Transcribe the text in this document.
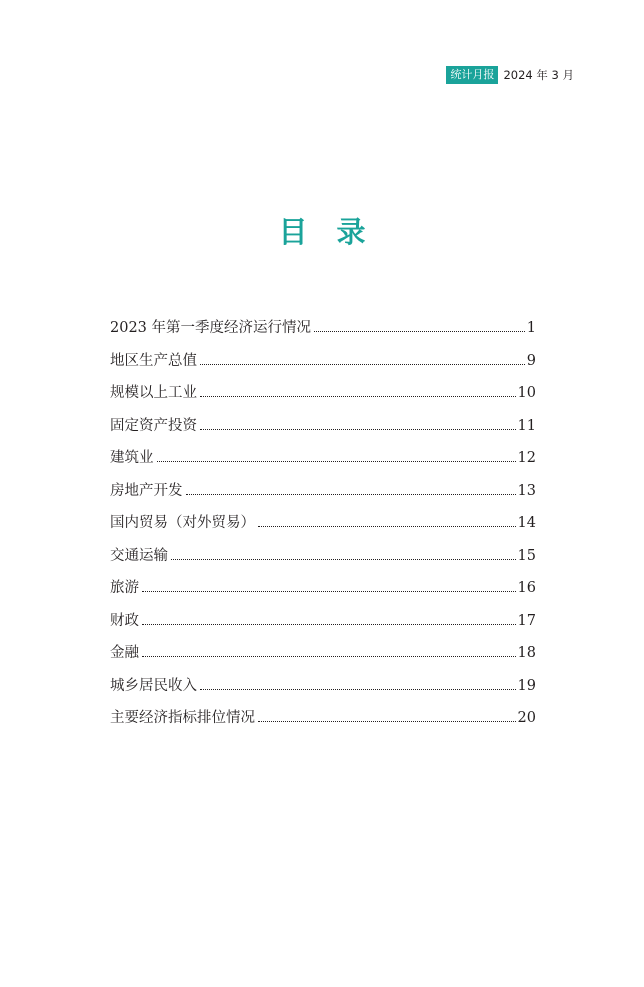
统计月报 2024 年 3 月
目　录
2023 年第一季度经济运行情况	1
地区生产总值	9
规模以上工业	10
固定资产投资	11
建筑业	12
房地产开发	13
国内贸易（对外贸易）	14
交通运输	15
旅游	16
财政	17
金融	18
城乡居民收入	19
主要经济指标排位情况	20
